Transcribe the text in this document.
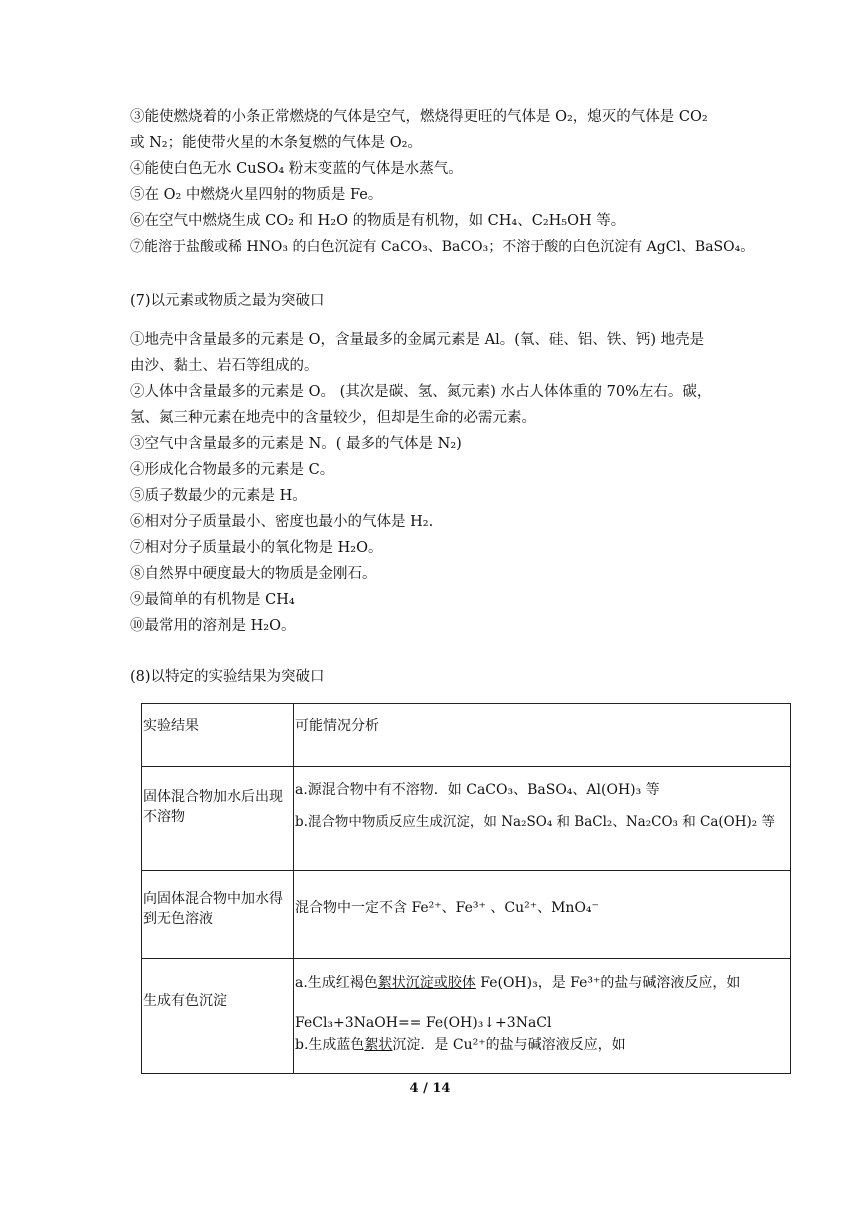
③能使燃烧着的小条正常燃烧的气体是空气，燃烧得更旺的气体是 O₂，熄灭的气体是 CO₂
或 N₂；能使带火星的木条复燃的气体是 O₂。
④能使白色无水 CuSO₄ 粉末变蓝的气体是水蒸气。
⑤在 O₂ 中燃烧火星四射的物质是 Fe。
⑥在空气中燃烧生成 CO₂ 和 H₂O 的物质是有机物，如 CH₄、C₂H₅OH 等。
⑦能溶于盐酸或稀 HNO₃ 的白色沉淀有 CaCO₃、BaCO₃；不溶于酸的白色沉淀有 AgCl、BaSO₄。
(7)以元素或物质之最为突破口
①地壳中含量最多的元素是 O，含量最多的金属元素是 Al。(氧、硅、铝、铁、钙) 地壳是
由沙、黏土、岩石等组成的。
②人体中含量最多的元素是 O。 (其次是碳、氢、氮元素) 水占人体体重的 70%左右。碳，
氢、氮三种元素在地壳中的含量较少，但却是生命的必需元素。
③空气中含量最多的元素是 N。( 最多的气体是 N₂)
④形成化合物最多的元素是 C。
⑤质子数最少的元素是 H。
⑥相对分子质量最小、密度也最小的气体是 H₂.
⑦相对分子质量最小的氧化物是 H₂O。
⑧自然界中硬度最大的物质是金刚石。
⑨最简单的有机物是 CH₄
⑩最常用的溶剂是 H₂O。
(8)以特定的实验结果为突破口
实验结果	可能情况分析

固体混合物加水后出现不溶物	a.源混合物中有不溶物．如 CaCO₃、BaSO₄、Al(OH)₃ 等
b.混合物中物质反应生成沉淀，如 Na₂SO₄ 和 BaCl₂、Na₂CO₃ 和 Ca(OH)₂ 等

向固体混合物中加水得到无色溶液	混合物中一定不含 Fe²⁺、Fe³⁺ 、Cu²⁺、MnO₄⁻

生成有色沉淀	a.生成红褐色絮状沉淀或胶体 Fe(OH)₃，是 Fe³⁺的盐与碱溶液反应，如
FeCl₃+3NaOH== Fe(OH)₃↓+3NaCl
b.生成蓝色絮状沉淀．是 Cu²⁺的盐与碱溶液反应，如
4 / 14
